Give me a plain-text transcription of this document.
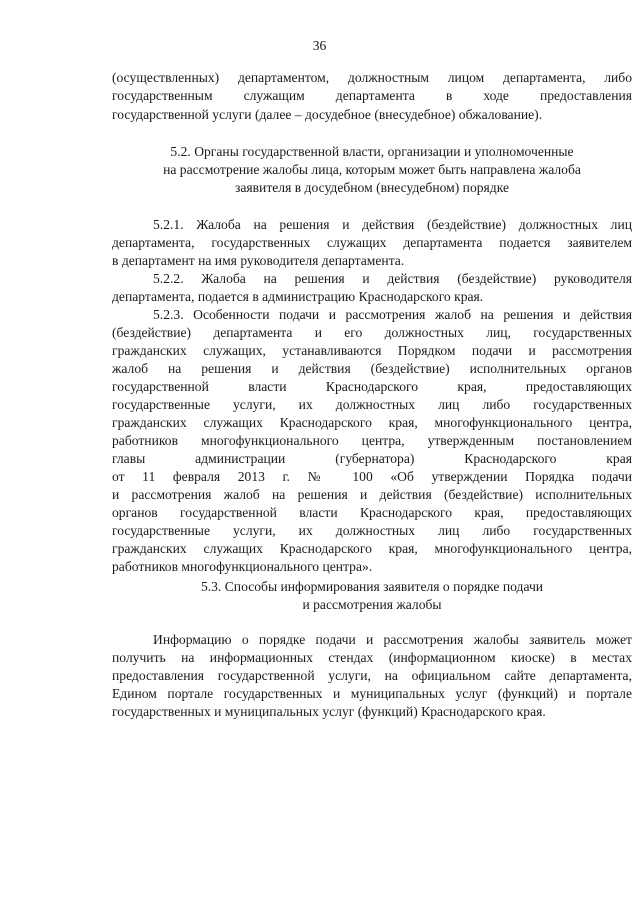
36
(осуществленных) департаментом, должностным лицом департамента, либо
государственным служащим департамента в ходе предоставления
государственной услуги (далее – досудебное (внесудебное) обжалование).
5.2. Органы государственной власти, организации и уполномоченные
на рассмотрение жалобы лица, которым может быть направлена жалоба
заявителя в досудебном (внесудебном) порядке
5.2.1. Жалоба на решения и действия (бездействие) должностных лиц
департамента, государственных служащих департамента подается заявителем
в департамент на имя руководителя департамента.
5.2.2. Жалоба на решения и действия (бездействие) руководителя
департамента, подается в администрацию Краснодарского края.
5.2.3. Особенности подачи и рассмотрения жалоб на решения и действия
(бездействие) департамента и его должностных лиц, государственных
гражданских служащих, устанавливаются Порядком подачи и рассмотрения
жалоб на решения и действия (бездействие) исполнительных органов
государственной власти Краснодарского края, предоставляющих
государственные услуги, их должностных лиц либо государственных
гражданских служащих Краснодарского края, многофункционального центра,
работников многофункционального центра, утвержденным постановлением
главы администрации (губернатора) Краснодарского края
от 11 февраля 2013 г. № 100 «Об утверждении Порядка подачи
и рассмотрения жалоб на решения и действия (бездействие) исполнительных
органов государственной власти Краснодарского края, предоставляющих
государственные услуги, их должностных лиц либо государственных
гражданских служащих Краснодарского края, многофункционального центра,
работников многофункционального центра».
5.3. Способы информирования заявителя о порядке подачи
и рассмотрения жалобы
Информацию о порядке подачи и рассмотрения жалобы заявитель может
получить на информационных стендах (информационном киоске) в местах
предоставления государственной услуги, на официальном сайте департамента,
Едином портале государственных и муниципальных услуг (функций) и портале
государственных и муниципальных услуг (функций) Краснодарского края.
